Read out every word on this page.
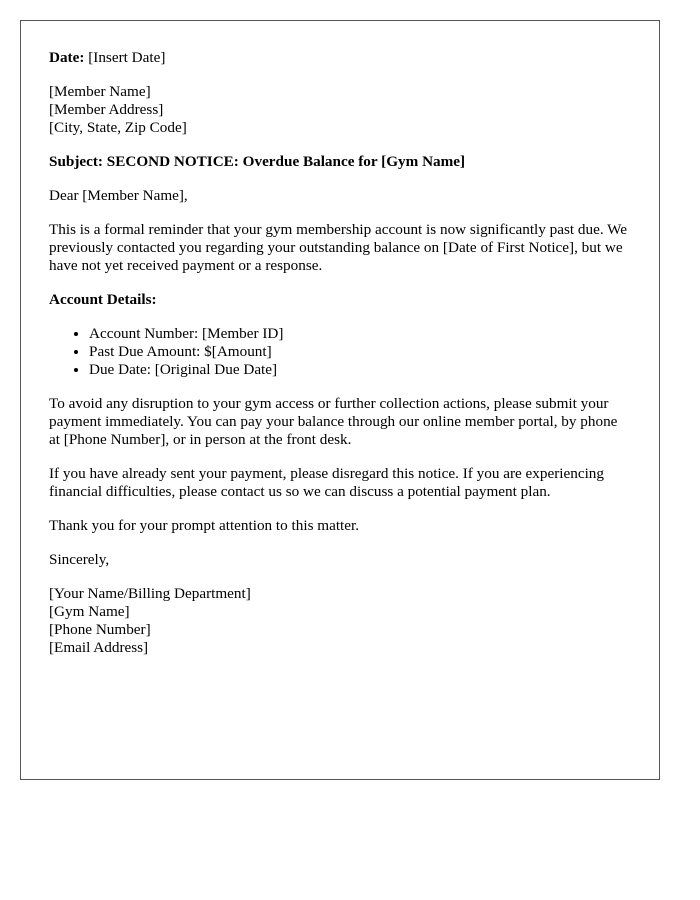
Date: [Insert Date]

[Member Name]
[Member Address]
[City, State, Zip Code]

Subject: SECOND NOTICE: Overdue Balance for [Gym Name]

Dear [Member Name],

This is a formal reminder that your gym membership account is now significantly past due. We previously contacted you regarding your outstanding balance on [Date of First Notice], but we have not yet received payment or a response.

Account Details:

• Account Number: [Member ID]
• Past Due Amount: $[Amount]
• Due Date: [Original Due Date]

To avoid any disruption to your gym access or further collection actions, please submit your payment immediately. You can pay your balance through our online member portal, by phone at [Phone Number], or in person at the front desk.

If you have already sent your payment, please disregard this notice. If you are experiencing financial difficulties, please contact us so we can discuss a potential payment plan.

Thank you for your prompt attention to this matter.

Sincerely,

[Your Name/Billing Department]
[Gym Name]
[Phone Number]
[Email Address]
